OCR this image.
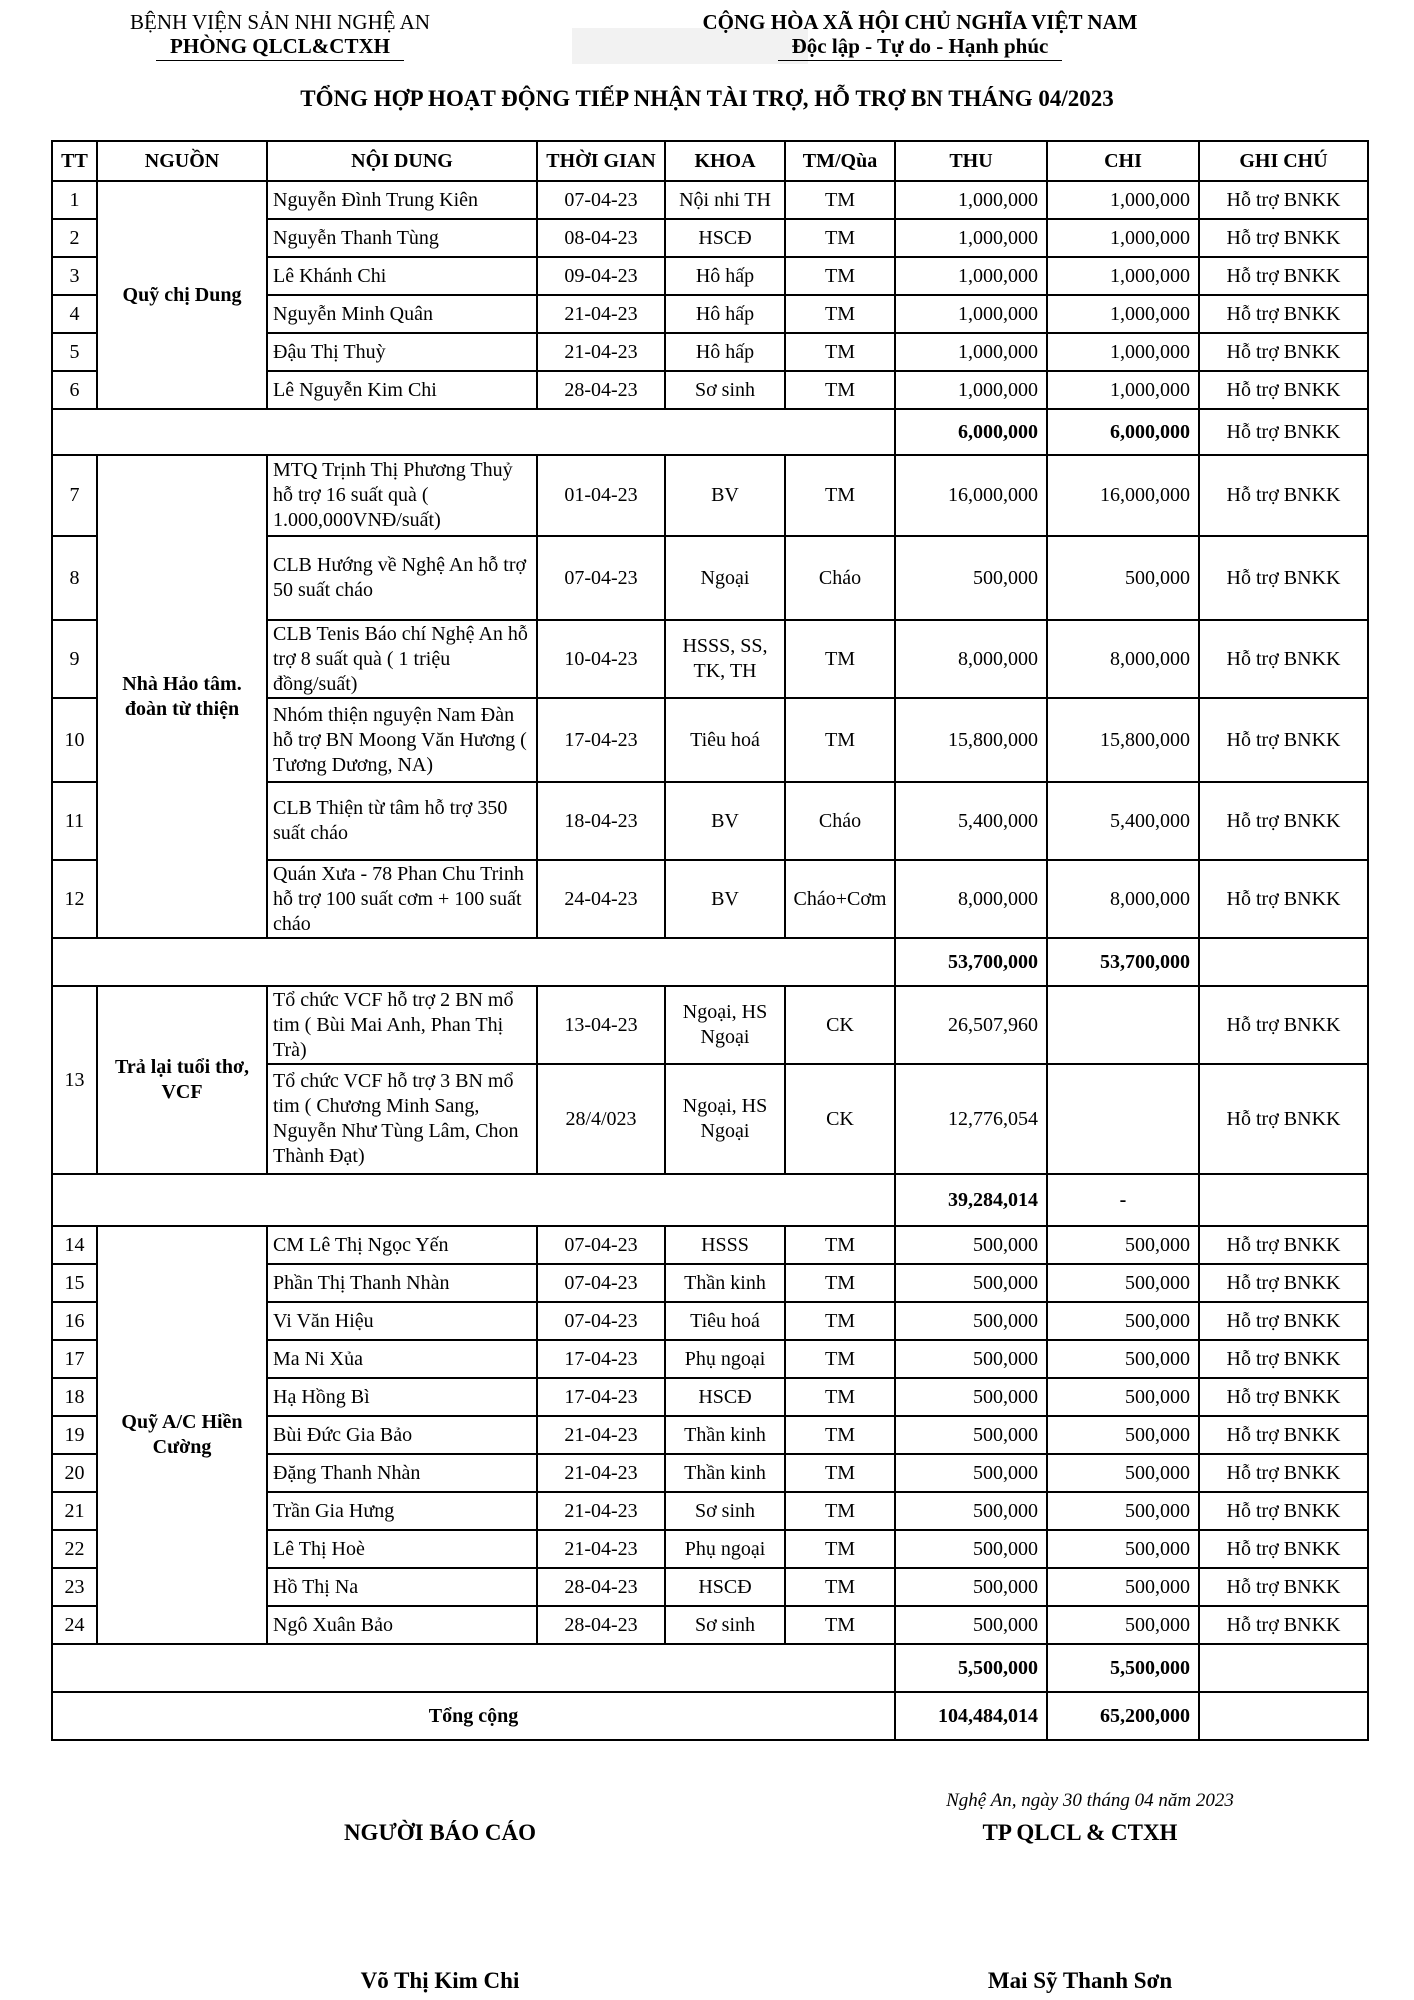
BỆNH VIỆN SẢN NHI NGHỆ AN
PHÒNG QLCL&CTXH
CỘNG HÒA XÃ HỘI CHỦ NGHĨA VIỆT NAM
Độc lập - Tự do - Hạnh phúc
TỔNG HỢP HOẠT ĐỘNG TIẾP NHẬN TÀI TRỢ, HỖ TRỢ BN THÁNG 04/2023
TT	NGUỒN	NỘI DUNG	THỜI GIAN	KHOA	TM/Qùa	THU	CHI	GHI CHÚ
1	Quỹ chị Dung	Nguyễn Đình Trung Kiên	07-04-23	Nội nhi TH	TM	1,000,000	1,000,000	Hỗ trợ BNKK
2		Nguyễn Thanh Tùng	08-04-23	HSCĐ	TM	1,000,000	1,000,000	Hỗ trợ BNKK
3		Lê Khánh Chi	09-04-23	Hô hấp	TM	1,000,000	1,000,000	Hỗ trợ BNKK
4		Nguyễn Minh Quân	21-04-23	Hô hấp	TM	1,000,000	1,000,000	Hỗ trợ BNKK
5		Đậu Thị Thuỳ	21-04-23	Hô hấp	TM	1,000,000	1,000,000	Hỗ trợ BNKK
6		Lê Nguyễn Kim Chi	28-04-23	Sơ sinh	TM	1,000,000	1,000,000	Hỗ trợ BNKK
						6,000,000	6,000,000	Hỗ trợ BNKK
7	Nhà Hảo tâm. đoàn từ thiện	MTQ Trịnh Thị Phương Thuỷ hỗ trợ 16 suất quà ( 1.000,000VNĐ/suất)	01-04-23	BV	TM	16,000,000	16,000,000	Hỗ trợ BNKK
8		CLB Hướng về Nghệ An hỗ trợ 50 suất cháo	07-04-23	Ngoại	Cháo	500,000	500,000	Hỗ trợ BNKK
9		CLB Tenis Báo chí Nghệ An hỗ trợ 8 suất quà ( 1 triệu đồng/suất)	10-04-23	HSSS, SS, TK, TH	TM	8,000,000	8,000,000	Hỗ trợ BNKK
10		Nhóm thiện nguyện Nam Đàn hỗ trợ BN Moong Văn Hương ( Tương Dương, NA)	17-04-23	Tiêu hoá	TM	15,800,000	15,800,000	Hỗ trợ BNKK
11		CLB Thiện từ tâm hỗ trợ 350 suất cháo	18-04-23	BV	Cháo	5,400,000	5,400,000	Hỗ trợ BNKK
12		Quán Xưa - 78 Phan Chu Trinh hỗ trợ 100 suất cơm + 100 suất cháo	24-04-23	BV	Cháo+Cơm	8,000,000	8,000,000	Hỗ trợ BNKK
						53,700,000	53,700,000	
13	Trả lại tuổi thơ, VCF	Tổ chức VCF hỗ trợ 2 BN mổ tim ( Bùi Mai Anh, Phan Thị Trà)	13-04-23	Ngoại, HS Ngoại	CK	26,507,960		Hỗ trợ BNKK
		Tổ chức VCF hỗ trợ 3 BN mổ tim ( Chương Minh Sang, Nguyễn Như Tùng Lâm, Chon Thành Đạt)	28/4/023	Ngoại, HS Ngoại	CK	12,776,054		Hỗ trợ BNKK
						39,284,014	-	
14	Quỹ A/C Hiền Cường	CM Lê Thị Ngọc Yến	07-04-23	HSSS	TM	500,000	500,000	Hỗ trợ BNKK
15		Phần Thị Thanh Nhàn	07-04-23	Thần kinh	TM	500,000	500,000	Hỗ trợ BNKK
16		Vi Văn Hiệu	07-04-23	Tiêu hoá	TM	500,000	500,000	Hỗ trợ BNKK
17		Ma Ni Xủa	17-04-23	Phụ ngoại	TM	500,000	500,000	Hỗ trợ BNKK
18		Hạ Hồng Bì	17-04-23	HSCĐ	TM	500,000	500,000	Hỗ trợ BNKK
19		Bùi Đức Gia Bảo	21-04-23	Thần kinh	TM	500,000	500,000	Hỗ trợ BNKK
20		Đặng Thanh Nhàn	21-04-23	Thần kinh	TM	500,000	500,000	Hỗ trợ BNKK
21		Trần Gia Hưng	21-04-23	Sơ sinh	TM	500,000	500,000	Hỗ trợ BNKK
22		Lê Thị Hoè	21-04-23	Phụ ngoại	TM	500,000	500,000	Hỗ trợ BNKK
23		Hồ Thị Na	28-04-23	HSCĐ	TM	500,000	500,000	Hỗ trợ BNKK
24		Ngô Xuân Bảo	28-04-23	Sơ sinh	TM	500,000	500,000	Hỗ trợ BNKK
						5,500,000	5,500,000	
Tổng cộng						104,484,014	65,200,000	
Nghệ An, ngày 30 tháng 04 năm 2023
NGƯỜI BÁO CÁO	TP QLCL & CTXH
Võ Thị Kim Chi	Mai Sỹ Thanh Sơn
